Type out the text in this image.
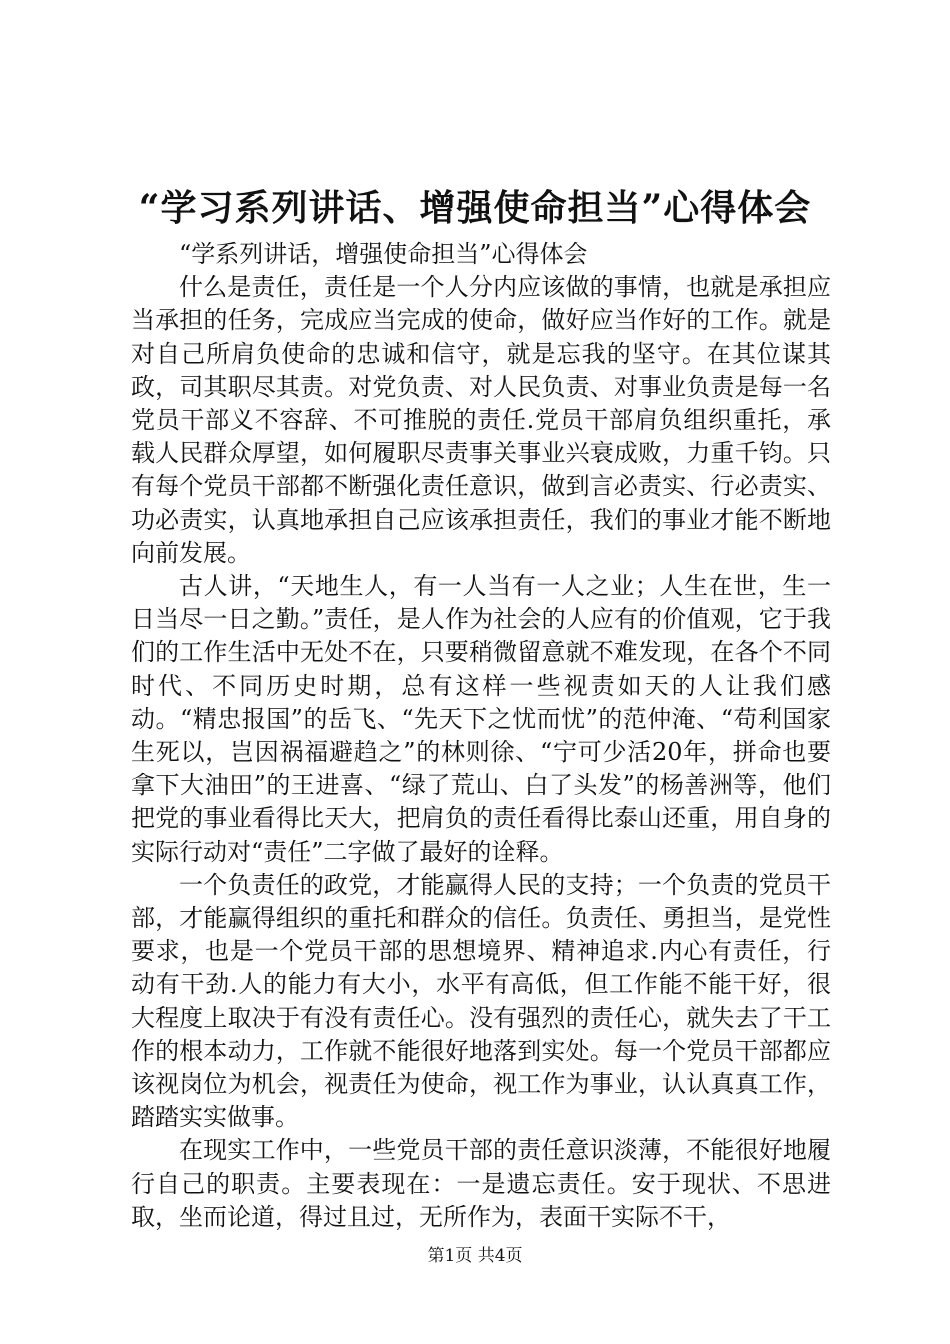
“学习系列讲话、增强使命担当”心得体会

“学系列讲话，增强使命担当”心得体会

什么是责任，责任是一个人分内应该做的事情，也就是承担应当承担的任务，完成应当完成的使命，做好应当作好的工作。就是对自己所肩负使命的忠诚和信守，就是忘我的坚守。在其位谋其政，司其职尽其责。对党负责、对人民负责、对事业负责是每一名党员干部义不容辞、不可推脱的责任.党员干部肩负组织重托，承载人民群众厚望，如何履职尽责事关事业兴衰成败，力重千钧。只有每个党员干部都不断强化责任意识，做到言必责实、行必责实、功必责实，认真地承担自己应该承担责任，我们的事业才能不断地向前发展。

古人讲，“天地生人，有一人当有一人之业；人生在世，生一日当尽一日之勤。”责任，是人作为社会的人应有的价值观，它于我们的工作生活中无处不在，只要稍微留意就不难发现，在各个不同时代、不同历史时期，总有这样一些视责如天的人让我们感动。“精忠报国”的岳飞、“先天下之忧而忧”的范仲淹、“苟利国家生死以，岂因祸福避趋之”的林则徐、“宁可少活20年，拼命也要拿下大油田”的王进喜、“绿了荒山、白了头发”的杨善洲等，他们把党的事业看得比天大，把肩负的责任看得比泰山还重，用自身的实际行动对“责任”二字做了最好的诠释。

一个负责任的政党，才能赢得人民的支持；一个负责的党员干部，才能赢得组织的重托和群众的信任。负责任、勇担当，是党性要求，也是一个党员干部的思想境界、精神追求.内心有责任，行动有干劲.人的能力有大小，水平有高低，但工作能不能干好，很大程度上取决于有没有责任心。没有强烈的责任心，就失去了干工作的根本动力，工作就不能很好地落到实处。每一个党员干部都应该视岗位为机会，视责任为使命，视工作为事业，认认真真工作，踏踏实实做事。

在现实工作中，一些党员干部的责任意识淡薄，不能很好地履行自己的职责。主要表现在：一是遗忘责任。安于现状、不思进取，坐而论道，得过且过，无所作为，表面干实际不干，

第1页 共4页
